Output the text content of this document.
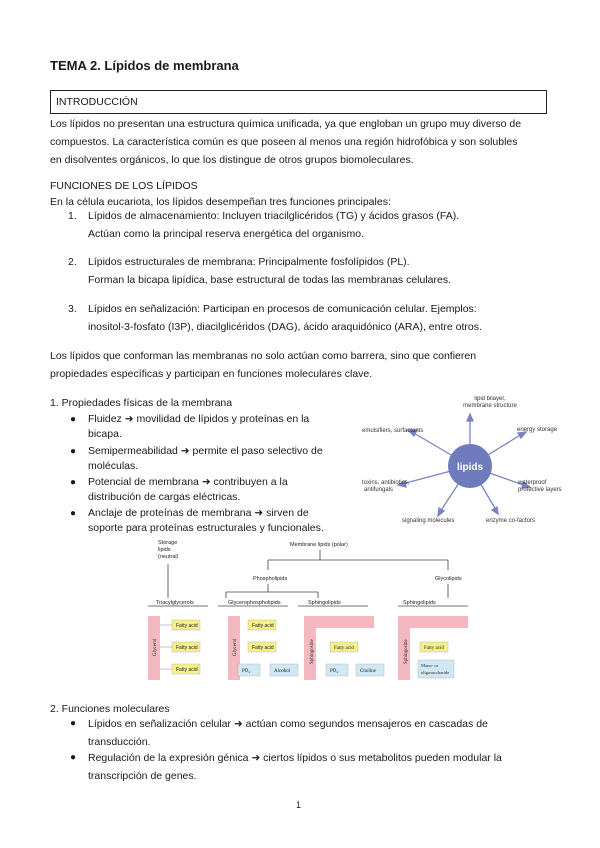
TEMA 2. Lípidos de membrana
INTRODUCCIÓN
Los lípidos no presentan una estructura química unificada, ya que engloban un grupo muy diverso de
compuestos. La característica común es que poseen al menos una región hidrofóbica y son solubles
en disolventes orgánicos, lo que los distingue de otros grupos biomoleculares.
FUNCIONES DE LOS LÍPIDOS
En la célula eucariota, los lípidos desempeñan tres funciones principales:
1. Lípidos de almacenamiento: Incluyen triacilglicéridos (TG) y ácidos grasos (FA).
Actúan como la principal reserva energética del organismo.
2. Lípidos estructurales de membrana: Principalmente fosfolípidos (PL).
Forman la bicapa lipídica, base estructural de todas las membranas celulares.
3. Lípidos en señalización: Participan en procesos de comunicación celular. Ejemplos:
inositol-3-fosfato (I3P), diacilglicéridos (DAG), ácido araquidónico (ARA), entre otros.
Los lípidos que conforman las membranas no solo actúan como barrera, sino que confieren
propiedades específicas y participan en funciones moleculares clave.
1. Propiedades físicas de la membrana
● Fluidez ➜ movilidad de lípidos y proteínas en la
bicapa.
● Semipermeabilidad ➜ permite el paso selectivo de
moléculas.
● Potencial de membrana ➜ contribuyen a la
distribución de cargas eléctricas.
● Anclaje de proteínas de membrana ➜ sirven de
soporte para proteínas estructurales y funcionales.
lipids
lipid bilayer,
membrane structure
emulsifiers, surfactants	energy storage
toxins, antibiotics,
antifungals
waterproof
protective layers
signaling molecules	enzyme co-factors
Storage
lipids
(neutral)
Membrane lipids (polar)
Phospholipids	Glycolipids
Triacylglycerols	Glycerophospholipids	Sphingolipids	Sphingolipids
Glycerol
Fatty acid
Fatty acid
Fatty acid
Glycerol
Fatty acid
Fatty acid
PO₄	Alcohol
Sphingosine	Fatty acid
PO₄	Choline
Sphingosine	Fatty acid
Mono- or
oligosaccharide
2. Funciones moleculares
● Lípidos en señalización celular ➜ actúan como segundos mensajeros en cascadas de
transducción.
● Regulación de la expresión génica ➜ ciertos lípidos o sus metabolitos pueden modular la
transcripción de genes.
1
